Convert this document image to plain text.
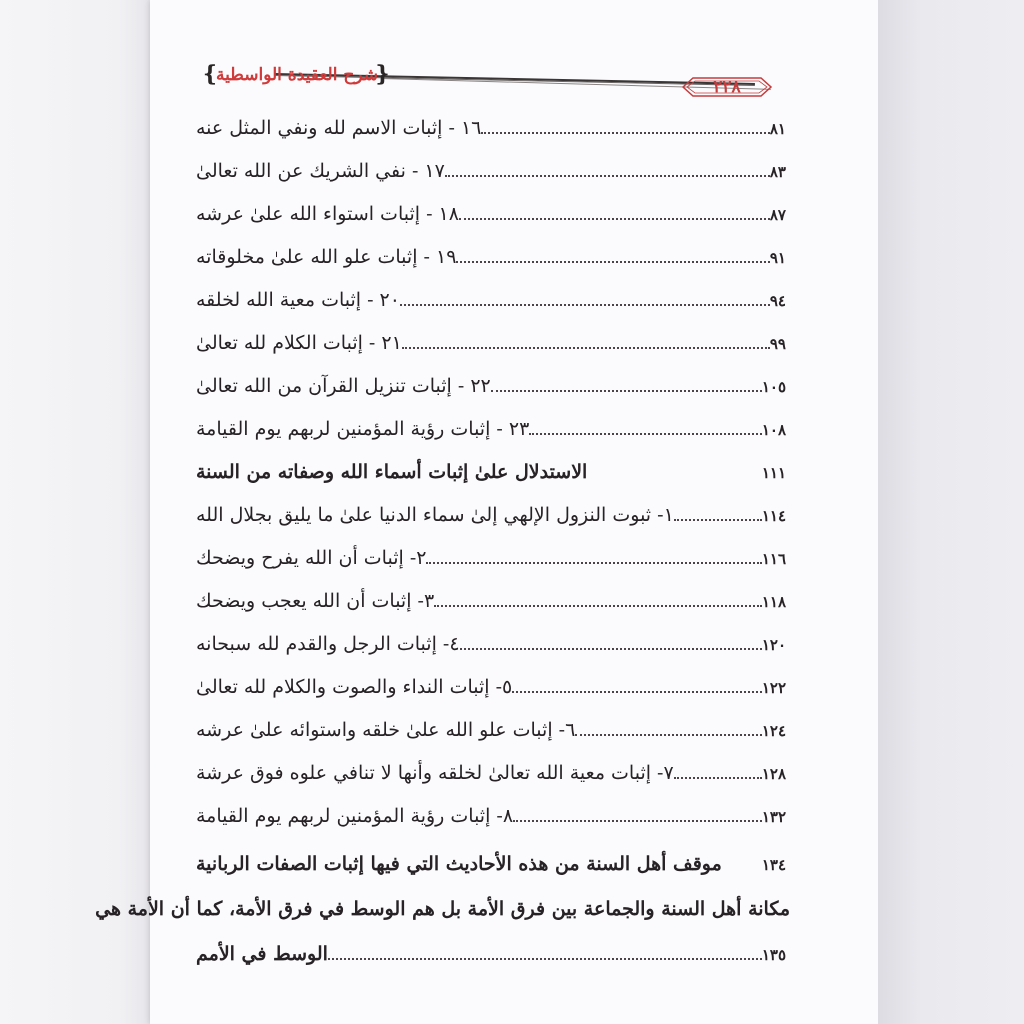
❴
شرح العقيدة الواسطية
❵	٢٢٨
١٦ - إثبات الاسم لله ونفي المثل عنه	٨١
١٧ - نفي الشريك عن الله تعالىٰ	٨٣
١٨ - إثبات استواء الله علىٰ عرشه	٨٧
١٩ - إثبات علو الله علىٰ مخلوقاته	٩١
٢٠ - إثبات معية الله لخلقه	٩٤
٢١ - إثبات الكلام لله تعالىٰ	٩٩
٢٢ - إثبات تنزيل القرآن من الله تعالىٰ	١٠٥
٢٣ - إثبات رؤية المؤمنين لربهم يوم القيامة	١٠٨
الاستدلال علىٰ إثبات أسماء الله وصفاته من السنة	١١١
١- ثبوت النزول الإلهي إلىٰ سماء الدنيا علىٰ ما يليق بجلال الله	١١٤
٢- إثبات أن الله يفرح ويضحك	١١٦
٣- إثبات أن الله يعجب ويضحك	١١٨
٤- إثبات الرجل والقدم لله سبحانه	١٢٠
٥- إثبات النداء والصوت والكلام لله تعالىٰ	١٢٢
٦- إثبات علو الله علىٰ خلقه واستوائه علىٰ عرشه	١٢٤
٧- إثبات معية الله تعالىٰ لخلقه وأنها لا تنافي علوه فوق عرشة	١٢٨
٨- إثبات رؤية المؤمنين لربهم يوم القيامة	١٣٢
موقف أهل السنة من هذه الأحاديث التي فيها إثبات الصفات الربانية	١٣٤
مكانة أهل السنة والجماعة بين فرق الأمة بل هم الوسط في فرق الأمة، كما أن الأمة هي
الوسط في الأمم	١٣٥
